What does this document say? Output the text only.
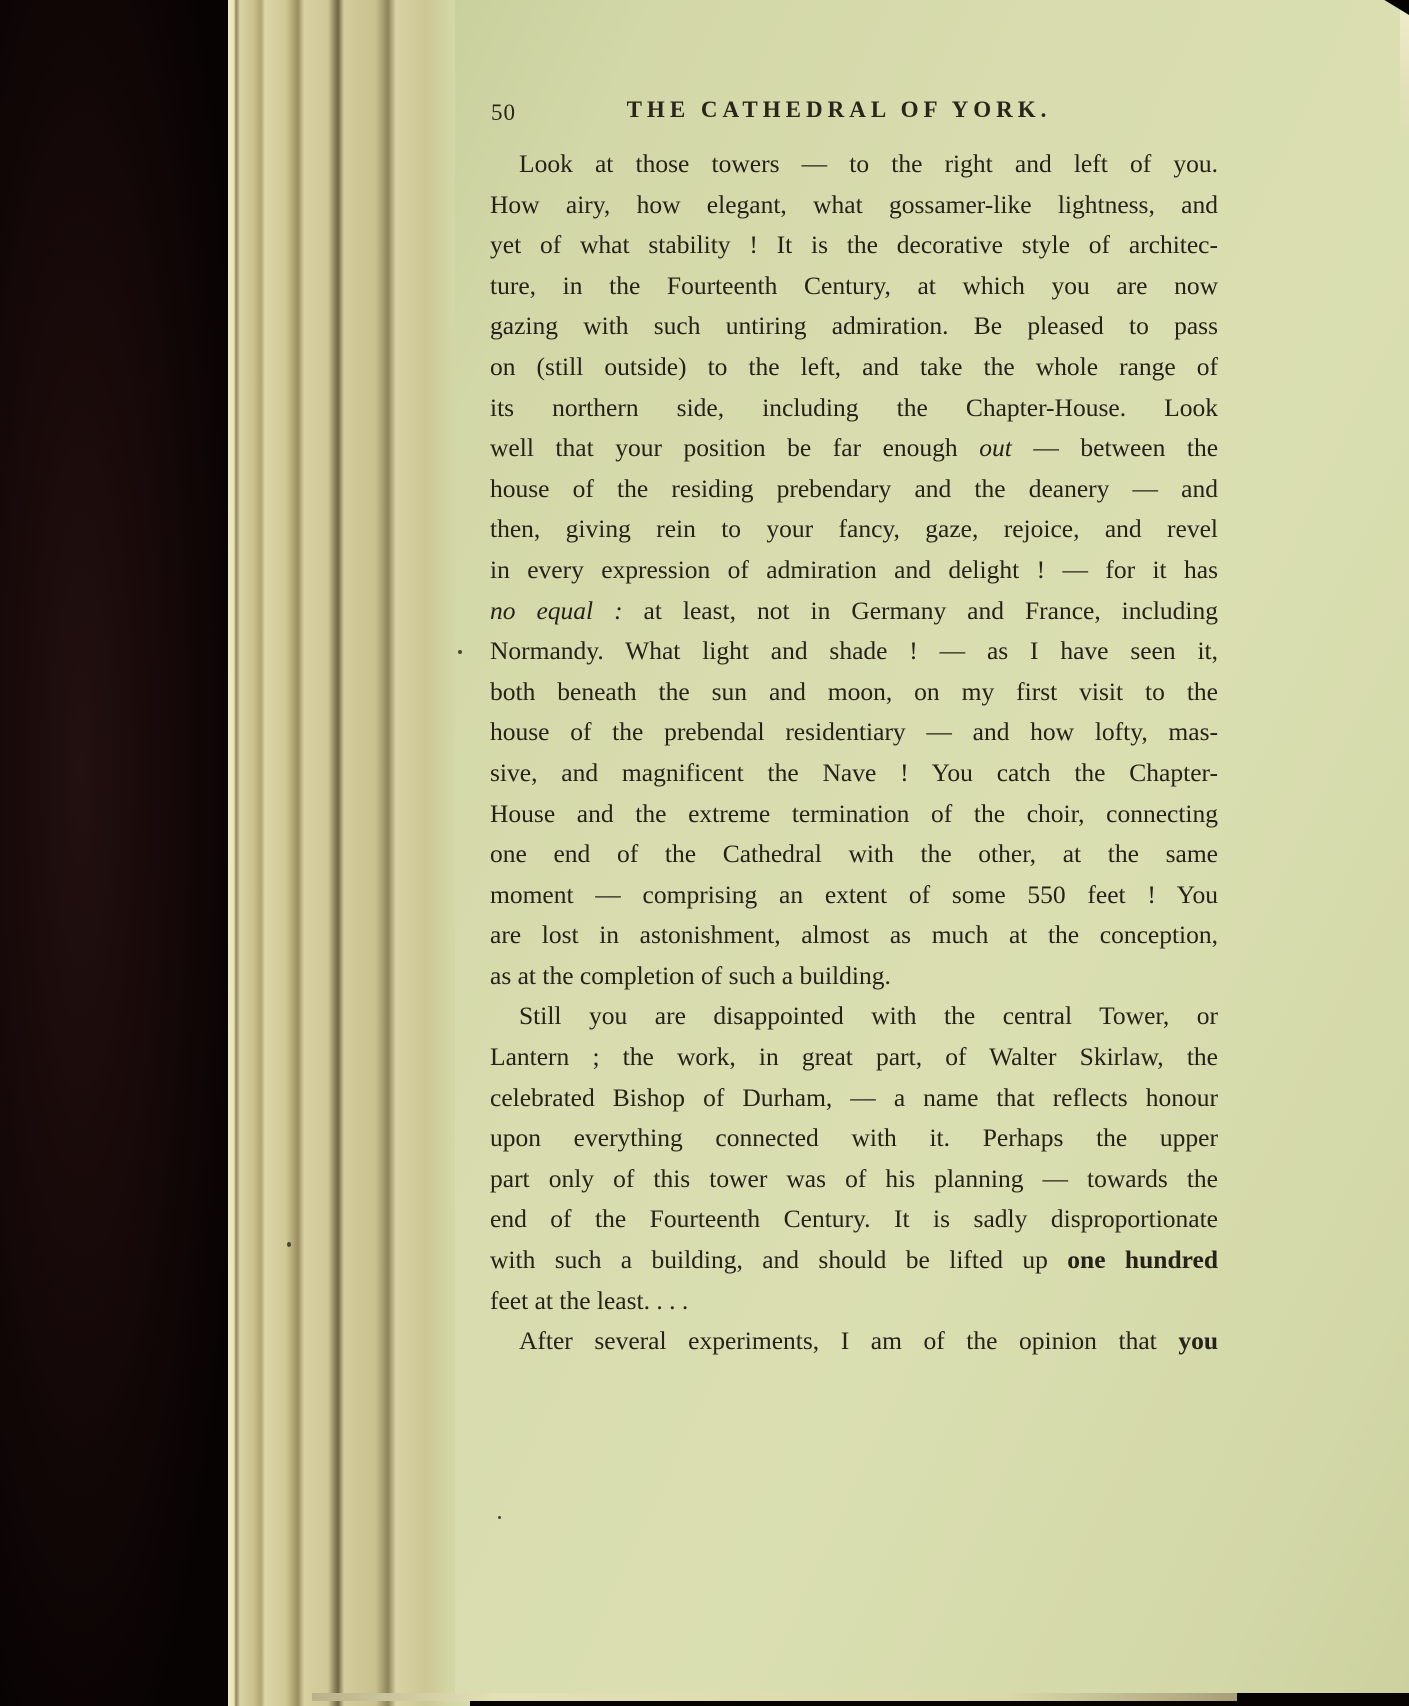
50	THE CATHEDRAL OF YORK.
Look at those towers — to the right and left of you.
How airy, how elegant, what gossamer-like lightness, and
yet of what stability ! It is the decorative style of architec-
ture, in the Fourteenth Century, at which you are now
gazing with such untiring admiration. Be pleased to pass
on (still outside) to the left, and take the whole range of
its northern side, including the Chapter-House. Look
well that your position be far enough out — between the
house of the residing prebendary and the deanery — and
then, giving rein to your fancy, gaze, rejoice, and revel
in every expression of admiration and delight ! — for it has
no equal : at least, not in Germany and France, including
Normandy. What light and shade ! — as I have seen it,
both beneath the sun and moon, on my first visit to the
house of the prebendal residentiary — and how lofty, mas-
sive, and magnificent the Nave ! You catch the Chapter-
House and the extreme termination of the choir, connecting
one end of the Cathedral with the other, at the same
moment — comprising an extent of some 550 feet ! You
are lost in astonishment, almost as much at the conception,
as at the completion of such a building.
Still you are disappointed with the central Tower, or
Lantern ; the work, in great part, of Walter Skirlaw, the
celebrated Bishop of Durham, — a name that reflects honour
upon everything connected with it. Perhaps the upper
part only of this tower was of his planning — towards the
end of the Fourteenth Century. It is sadly disproportionate
with such a building, and should be lifted up one hundred
feet at the least. . . .
After several experiments, I am of the opinion that you
